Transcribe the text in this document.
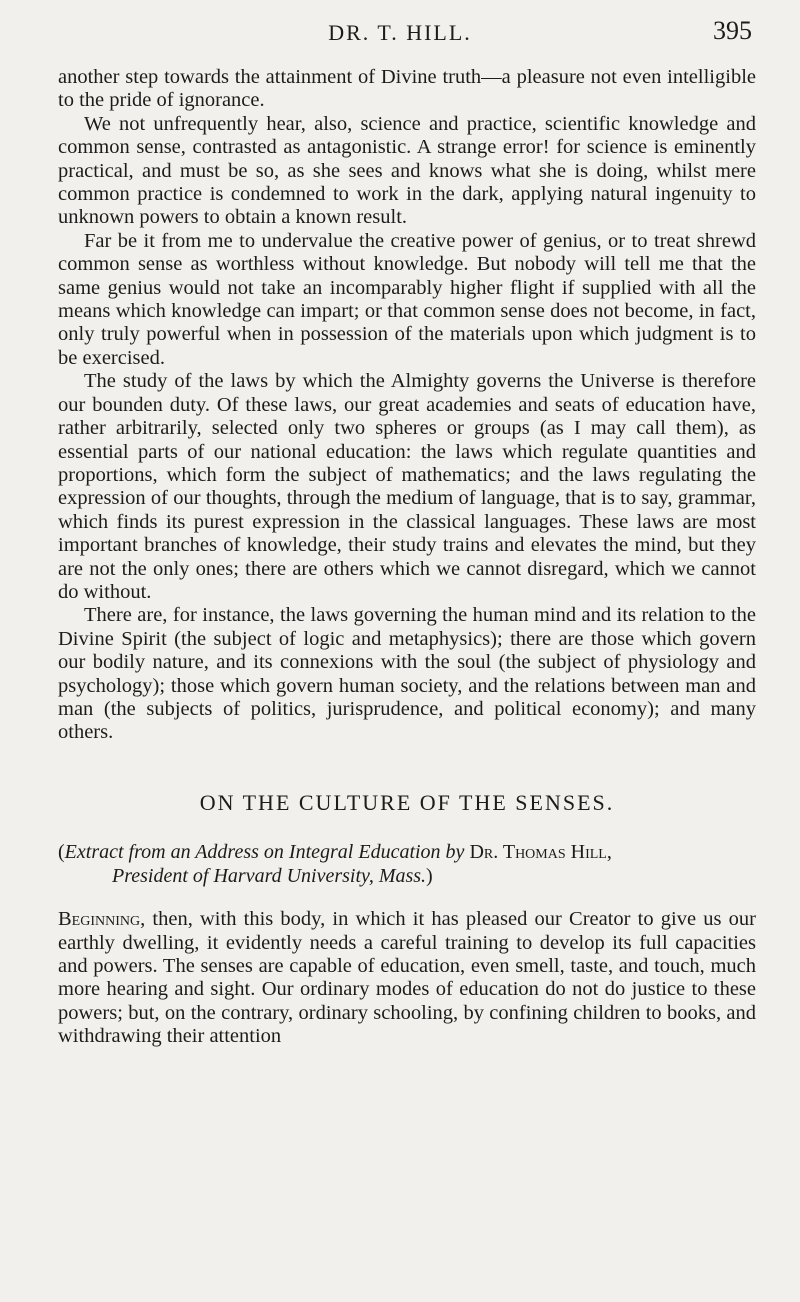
DR. T. HILL.	395

another step towards the attainment of Divine truth—a pleasure not even intelligible to the pride of ignorance.

We not unfrequently hear, also, science and practice, scientific knowledge and common sense, contrasted as antagonistic. A strange error! for science is eminently practical, and must be so, as she sees and knows what she is doing, whilst mere common practice is condemned to work in the dark, applying natural ingenuity to unknown powers to obtain a known result.

Far be it from me to undervalue the creative power of genius, or to treat shrewd common sense as worthless without knowledge. But nobody will tell me that the same genius would not take an incomparably higher flight if supplied with all the means which knowledge can impart; or that common sense does not become, in fact, only truly powerful when in possession of the materials upon which judgment is to be exercised.

The study of the laws by which the Almighty governs the Universe is therefore our bounden duty. Of these laws, our great academies and seats of education have, rather arbitrarily, selected only two spheres or groups (as I may call them), as essential parts of our national education: the laws which regulate quantities and proportions, which form the subject of mathematics; and the laws regulating the expression of our thoughts, through the medium of language, that is to say, grammar, which finds its purest expression in the classical languages. These laws are most important branches of knowledge, their study trains and elevates the mind, but they are not the only ones; there are others which we cannot disregard, which we cannot do without.

There are, for instance, the laws governing the human mind and its relation to the Divine Spirit (the subject of logic and metaphysics); there are those which govern our bodily nature, and its connexions with the soul (the subject of physiology and psychology); those which govern human society, and the relations between man and man (the subjects of politics, jurisprudence, and political economy); and many others.

ON THE CULTURE OF THE SENSES.
(Extract from an Address on Integral Education by Dr. Thomas Hill,
President of Harvard University, Mass.)

Beginning, then, with this body, in which it has pleased our Creator to give us our earthly dwelling, it evidently needs a careful training to develop its full capacities and powers. The senses are capable of education, even smell, taste, and touch, much more hearing and sight. Our ordinary modes of education do not do justice to these powers; but, on the contrary, ordinary schooling, by confining children to books, and withdrawing their attention
